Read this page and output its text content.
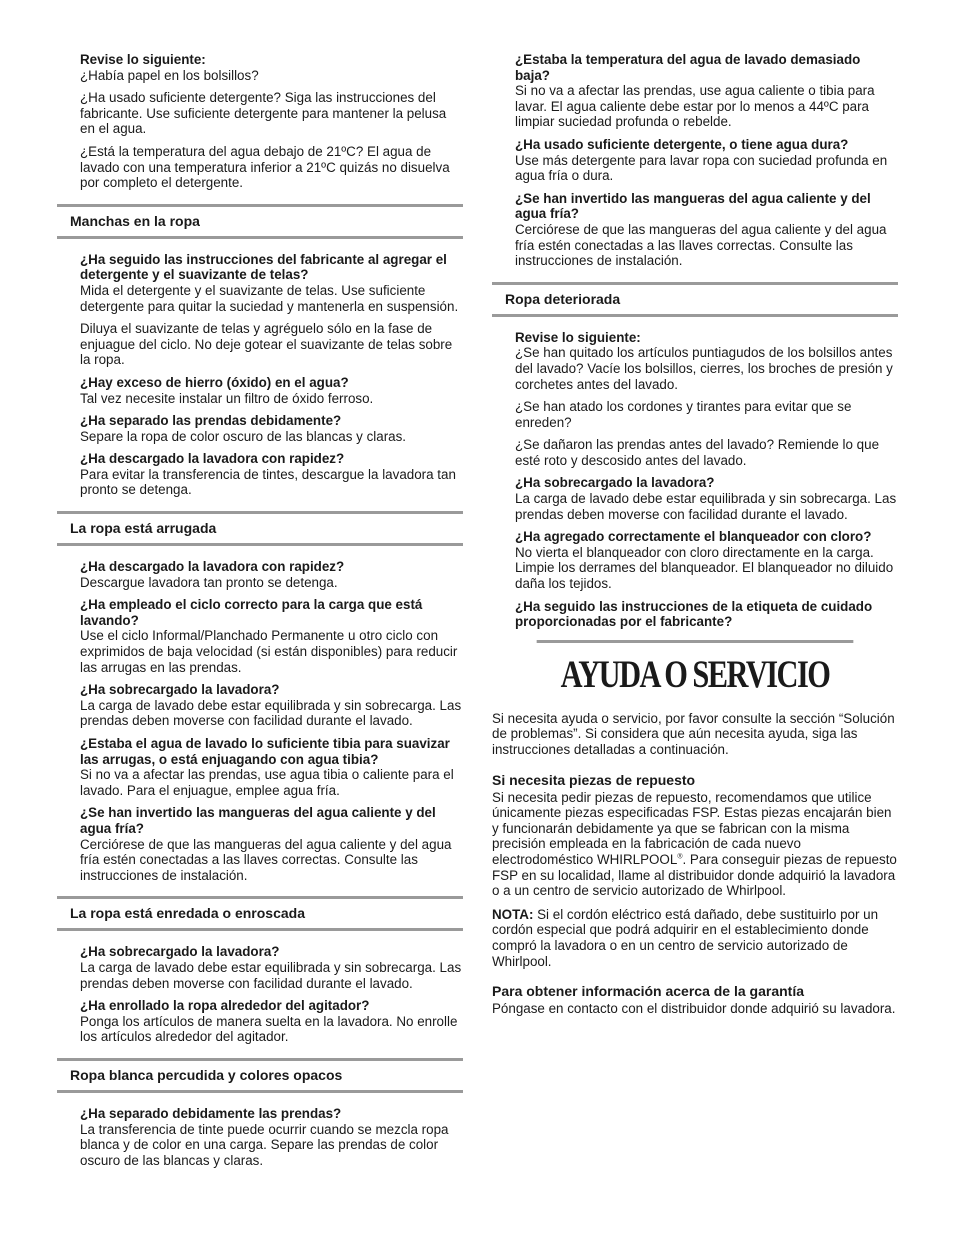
Revise lo siguiente:
¿Había papel en los bolsillos?
¿Ha usado suficiente detergente? Siga las instrucciones del fabricante. Use suficiente detergente para mantener la pelusa en el agua.
¿Está la temperatura del agua debajo de 21ºC? El agua de lavado con una temperatura inferior a 21ºC quizás no disuelva por completo el detergente.
Manchas en la ropa
¿Ha seguido las instrucciones del fabricante al agregar el detergente y el suavizante de telas?
Mida el detergente y el suavizante de telas. Use suficiente detergente para quitar la suciedad y mantenerla en suspensión.
Diluya el suavizante de telas y agréguelo sólo en la fase de enjuague del ciclo. No deje gotear el suavizante de telas sobre la ropa.
¿Hay exceso de hierro (óxido) en el agua?
Tal vez necesite instalar un filtro de óxido ferroso.
¿Ha separado las prendas debidamente?
Separe la ropa de color oscuro de las blancas y claras.
¿Ha descargado la lavadora con rapidez?
Para evitar la transferencia de tintes, descargue la lavadora tan pronto se detenga.
La ropa está arrugada
¿Ha descargado la lavadora con rapidez?
Descargue lavadora tan pronto se detenga.
¿Ha empleado el ciclo correcto para la carga que está lavando?
Use el ciclo Informal/Planchado Permanente u otro ciclo con exprimidos de baja velocidad (si están disponibles) para reducir las arrugas en las prendas.
¿Ha sobrecargado la lavadora?
La carga de lavado debe estar equilibrada y sin sobrecarga. Las prendas deben moverse con facilidad durante el lavado.
¿Estaba el agua de lavado lo suficiente tibia para suavizar las arrugas, o está enjuagando con agua tibia?
Si no va a afectar las prendas, use agua tibia o caliente para el lavado. Para el enjuague, emplee agua fría.
¿Se han invertido las mangueras del agua caliente y del agua fría?
Cerciórese de que las mangueras del agua caliente y del agua fría estén conectadas a las llaves correctas. Consulte las instrucciones de instalación.
La ropa está enredada o enroscada
¿Ha sobrecargado la lavadora?
La carga de lavado debe estar equilibrada y sin sobrecarga. Las prendas deben moverse con facilidad durante el lavado.
¿Ha enrollado la ropa alrededor del agitador?
Ponga los artículos de manera suelta en la lavadora. No enrolle los artículos alrededor del agitador.
Ropa blanca percudida y colores opacos
¿Ha separado debidamente las prendas?
La transferencia de tinte puede ocurrir cuando se mezcla ropa blanca y de color en una carga. Separe las prendas de color oscuro de las blancas y claras.
¿Estaba la temperatura del agua de lavado demasiado baja?
Si no va a afectar las prendas, use agua caliente o tibia para lavar. El agua caliente debe estar por lo menos a 44ºC para limpiar suciedad profunda o rebelde.
¿Ha usado suficiente detergente, o tiene agua dura?
Use más detergente para lavar ropa con suciedad profunda en agua fría o dura.
¿Se han invertido las mangueras del agua caliente y del agua fría?
Cerciórese de que las mangueras del agua caliente y del agua fría estén conectadas a las llaves correctas. Consulte las instrucciones de instalación.
Ropa deteriorada
Revise lo siguiente:
¿Se han quitado los artículos puntiagudos de los bolsillos antes del lavado? Vacíe los bolsillos, cierres, los broches de presión y corchetes antes del lavado.
¿Se han atado los cordones y tirantes para evitar que se enreden?
¿Se dañaron las prendas antes del lavado? Remiende lo que esté roto y descosido antes del lavado.
¿Ha sobrecargado la lavadora?
La carga de lavado debe estar equilibrada y sin sobrecarga. Las prendas deben moverse con facilidad durante el lavado.
¿Ha agregado correctamente el blanqueador con cloro?
No vierta el blanqueador con cloro directamente en la carga. Limpie los derrames del blanqueador. El blanqueador no diluido daña los tejidos.
¿Ha seguido las instrucciones de la etiqueta de cuidado proporcionadas por el fabricante?
AYUDA O SERVICIO

Si necesita ayuda o servicio, por favor consulte la sección “Solución de problemas”. Si considera que aún necesita ayuda, siga las instrucciones detalladas a continuación.

Si necesita piezas de repuesto

Si necesita pedir piezas de repuesto, recomendamos que utilice únicamente piezas especificadas FSP. Estas piezas encajarán bien y funcionarán debidamente ya que se fabrican con la misma precisión empleada en la fabricación de cada nuevo electrodoméstico WHIRLPOOL®. Para conseguir piezas de repuesto FSP en su localidad, llame al distribuidor donde adquirió la lavadora o a un centro de servicio autorizado de Whirlpool.

NOTA: Si el cordón eléctrico está dañado, debe sustituirlo por un cordón especial que podrá adquirir en el establecimiento donde compró la lavadora o en un centro de servicio autorizado de Whirlpool.

Para obtener información acerca de la garantía

Póngase en contacto con el distribuidor donde adquirió su lavadora.
